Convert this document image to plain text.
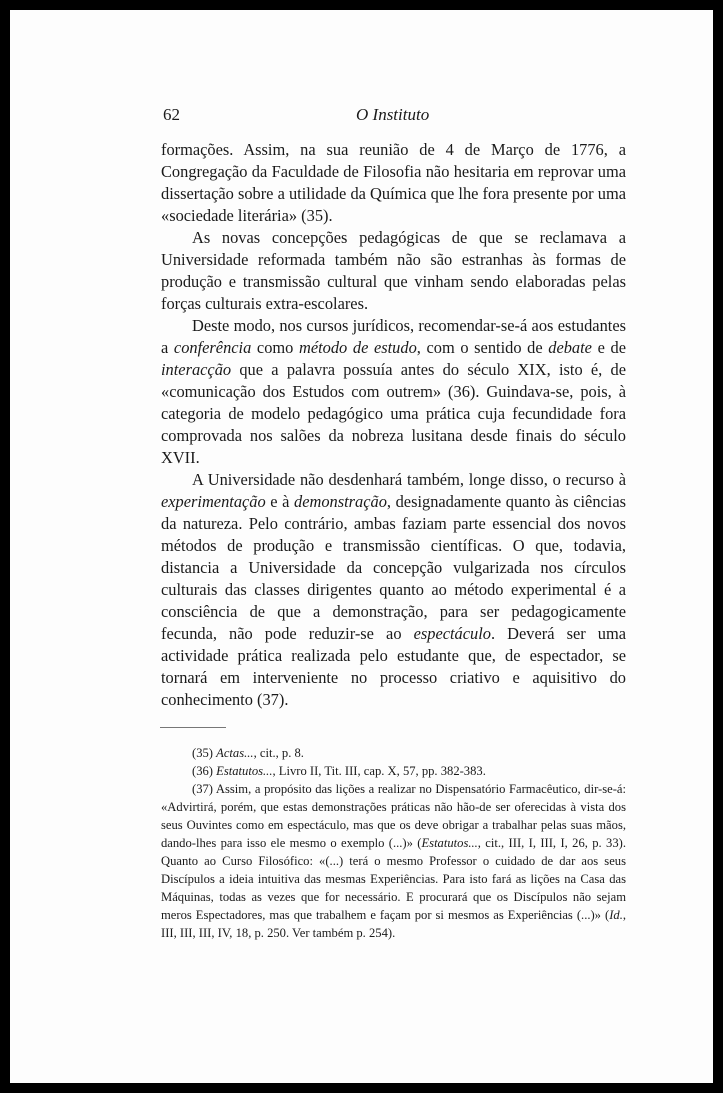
62	O Instituto

formações. Assim, na sua reunião de 4 de Março de 1776, a Congregação da Faculdade de Filosofia não hesitaria em reprovar uma dissertação sobre a utilidade da Química que lhe fora presente por uma «sociedade literária» (35).

As novas concepções pedagógicas de que se reclamava a Universidade reformada também não são estranhas às formas de produção e transmissão cultural que vinham sendo elaboradas pelas forças culturais extra-escolares.

Deste modo, nos cursos jurídicos, recomendar-se-á aos estudantes a conferência como método de estudo, com o sentido de debate e de interacção que a palavra possuía antes do século XIX, isto é, de «comunicação dos Estudos com outrem» (36). Guindava-se, pois, à categoria de modelo pedagógico uma prática cuja fecundidade fora comprovada nos salões da nobreza lusitana desde finais do século XVII.

A Universidade não desdenhará também, longe disso, o recurso à experimentação e à demonstração, designadamente quanto às ciências da natureza. Pelo contrário, ambas faziam parte essencial dos novos métodos de produção e transmissão científicas. O que, todavia, distancia a Universidade da concepção vulgarizada nos círculos culturais das classes dirigentes quanto ao método experimental é a consciência de que a demonstração, para ser pedagogicamente fecunda, não pode reduzir-se ao espectáculo. Deverá ser uma actividade prática realizada pelo estudante que, de espectador, se tornará em interveniente no processo criativo e aquisitivo do conhecimento (37).

(35) Actas..., cit., p. 8.

(36) Estatutos..., Livro II, Tit. III, cap. X, 57, pp. 382-383.

(37) Assim, a propósito das lições a realizar no Dispensatório Farmacêutico, dir-se-á: «Advirtirá, porém, que estas demonstrações práticas não hão-de ser oferecidas à vista dos seus Ouvintes como em espectáculo, mas que os deve obrigar a trabalhar pelas suas mãos, dando-lhes para isso ele mesmo o exemplo (...)» (Estatutos..., cit., III, I, III, I, 26, p. 33). Quanto ao Curso Filosófico: «(...) terá o mesmo Professor o cuidado de dar aos seus Discípulos a ideia intuitiva das mesmas Experiências. Para isto fará as lições na Casa das Máquinas, todas as vezes que for necessário. E procurará que os Discípulos não sejam meros Espectadores, mas que trabalhem e façam por si mesmos as Experiências (...)» (Id., III, III, III, IV, 18, p. 250. Ver também p. 254).
